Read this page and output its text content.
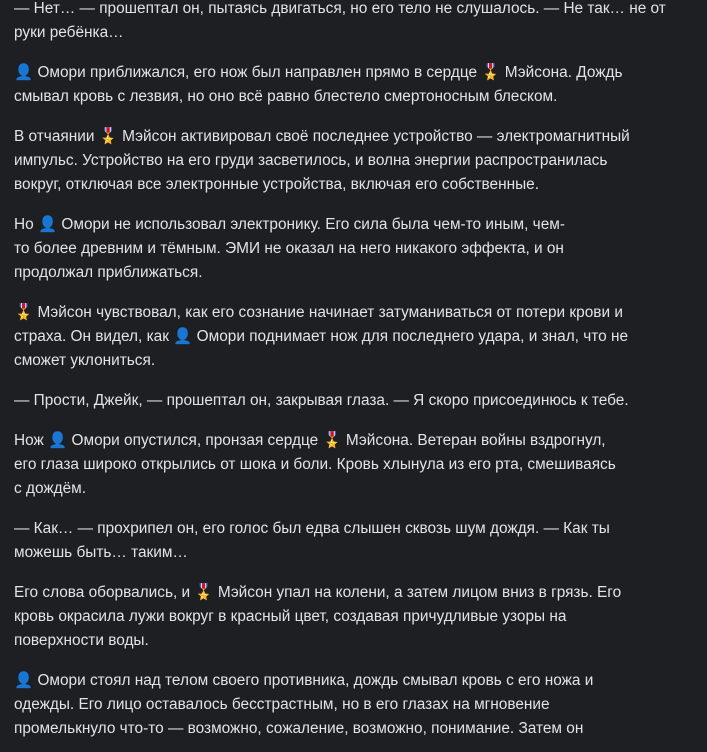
— Нет… — прошептал он, пытаясь двигаться, но его тело не слушалось. — Не так… не от
руки ребёнка…

👤 Омори приближался, его нож был направлен прямо в сердце 🎖️ Мэйсона. Дождь
смывал кровь с лезвия, но оно всё равно блестело смертоносным блеском.

В отчаянии 🎖️ Мэйсон активировал своё последнее устройство — электромагнитный
импульс. Устройство на его груди засветилось, и волна энергии распространилась
вокруг, отключая все электронные устройства, включая его собственные.

Но 👤 Омори не использовал электронику. Его сила была чем-то иным, чем-
то более древним и тёмным. ЭМИ не оказал на него никакого эффекта, и он
продолжал приближаться.

🎖️ Мэйсон чувствовал, как его сознание начинает затуманиваться от потери крови и
страха. Он видел, как 👤 Омори поднимает нож для последнего удара, и знал, что не
сможет уклониться.

— Прости, Джейк, — прошептал он, закрывая глаза. — Я скоро присоединюсь к тебе.

Нож 👤 Омори опустился, пронзая сердце 🎖️ Мэйсона. Ветеран войны вздрогнул,
его глаза широко открылись от шока и боли. Кровь хлынула из его рта, смешиваясь
с дождём.

— Как… — прохрипел он, его голос был едва слышен сквозь шум дождя. — Как ты
можешь быть… таким…

Его слова оборвались, и 🎖️ Мэйсон упал на колени, а затем лицом вниз в грязь. Его
кровь окрасила лужи вокруг в красный цвет, создавая причудливые узоры на
поверхности воды.

👤 Омори стоял над телом своего противника, дождь смывал кровь с его ножа и
одежды. Его лицо оставалось бесстрастным, но в его глазах на мгновение
промелькнуло что-то — возможно, сожаление, возможно, понимание. Затем он
